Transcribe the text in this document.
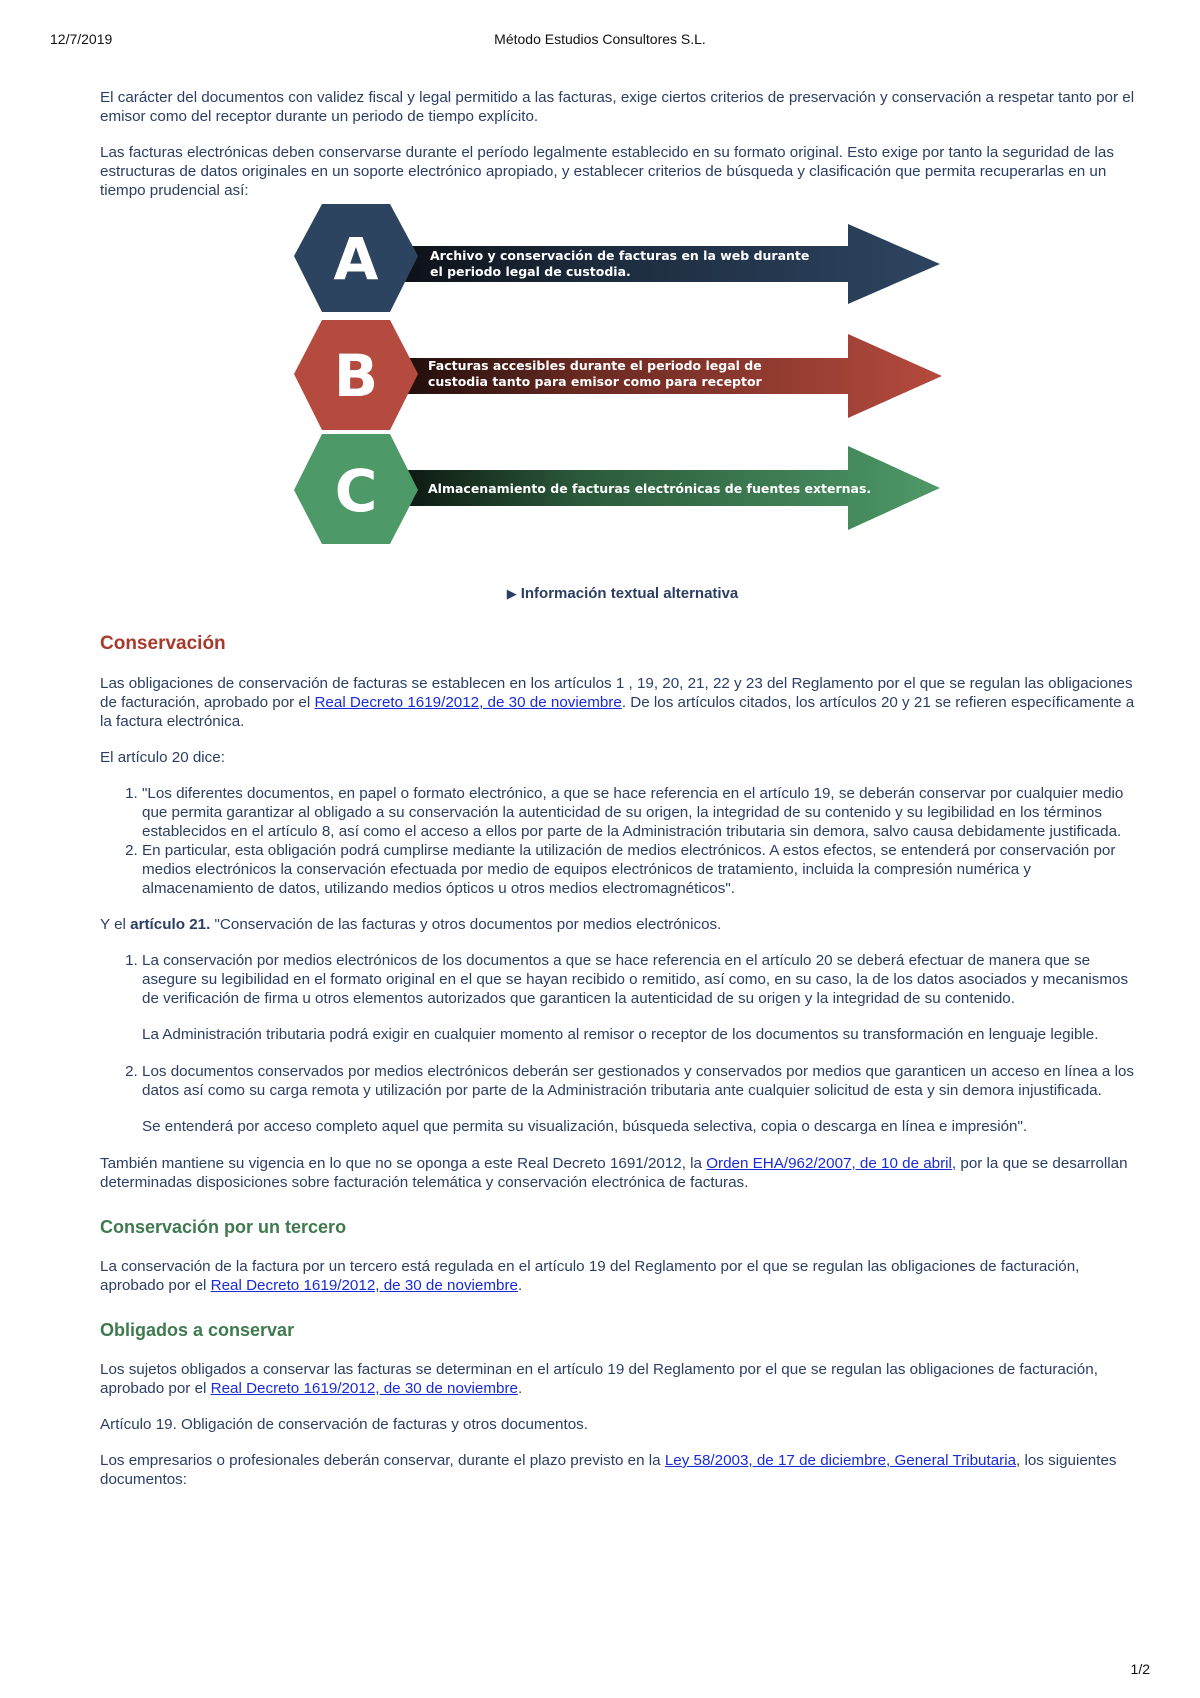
12/7/2019	Método Estudios Consultores S.L.

El carácter del documentos con validez fiscal y legal permitido a las facturas, exige ciertos criterios de preservación y conservación a respetar tanto por el emisor como del receptor durante un periodo de tiempo explícito.

Las facturas electrónicas deben conservarse durante el período legalmente establecido en su formato original. Esto exige por tanto la seguridad de las estructuras de datos originales en un soporte electrónico apropiado, y establecer criterios de búsqueda y clasificación que permita recuperarlas en un tiempo prudencial así:

A	Archivo y conservación de facturas en la web durante
el periodo legal de custodia.
B	Facturas accesibles durante el periodo legal de
custodia tanto para emisor como para receptor
C	Almacenamiento de facturas electrónicas de fuentes externas.
▶ Información textual alternativa
Conservación

Las obligaciones de conservación de facturas se establecen en los artículos 1 , 19, 20, 21, 22 y 23 del Reglamento por el que se regulan las obligaciones de facturación, aprobado por el Real Decreto 1619/2012, de 30 de noviembre. De los artículos citados, los artículos 20 y 21 se refieren específicamente a la factura electrónica.

El artículo 20 dice:

1. "Los diferentes documentos, en papel o formato electrónico, a que se hace referencia en el artículo 19, se deberán conservar por cualquier medio que permita garantizar al obligado a su conservación la autenticidad de su origen, la integridad de su contenido y su legibilidad en los términos establecidos en el artículo 8, así como el acceso a ellos por parte de la Administración tributaria sin demora, salvo causa debidamente justificada.
2. En particular, esta obligación podrá cumplirse mediante la utilización de medios electrónicos. A estos efectos, se entenderá por conservación por medios electrónicos la conservación efectuada por medio de equipos electrónicos de tratamiento, incluida la compresión numérica y almacenamiento de datos, utilizando medios ópticos u otros medios electromagnéticos".

Y el artículo 21. "Conservación de las facturas y otros documentos por medios electrónicos.

1. La conservación por medios electrónicos de los documentos a que se hace referencia en el artículo 20 se deberá efectuar de manera que se asegure su legibilidad en el formato original en el que se hayan recibido o remitido, así como, en su caso, la de los datos asociados y mecanismos de verificación de firma u otros elementos autorizados que garanticen la autenticidad de su origen y la integridad de su contenido.
La Administración tributaria podrá exigir en cualquier momento al remisor o receptor de los documentos su transformación en lenguaje legible.
2. Los documentos conservados por medios electrónicos deberán ser gestionados y conservados por medios que garanticen un acceso en línea a los datos así como su carga remota y utilización por parte de la Administración tributaria ante cualquier solicitud de esta y sin demora injustificada.
Se entenderá por acceso completo aquel que permita su visualización, búsqueda selectiva, copia o descarga en línea e impresión".

También mantiene su vigencia en lo que no se oponga a este Real Decreto 1691/2012, la Orden EHA/962/2007, de 10 de abril, por la que se desarrollan determinadas disposiciones sobre facturación telemática y conservación electrónica de facturas.

Conservación por un tercero

La conservación de la factura por un tercero está regulada en el artículo 19 del Reglamento por el que se regulan las obligaciones de facturación, aprobado por el Real Decreto 1619/2012, de 30 de noviembre.

Obligados a conservar

Los sujetos obligados a conservar las facturas se determinan en el artículo 19 del Reglamento por el que se regulan las obligaciones de facturación, aprobado por el Real Decreto 1619/2012, de 30 de noviembre.

Artículo 19. Obligación de conservación de facturas y otros documentos.

Los empresarios o profesionales deberán conservar, durante el plazo previsto en la Ley 58/2003, de 17 de diciembre, General Tributaria, los siguientes documentos:

1/2
